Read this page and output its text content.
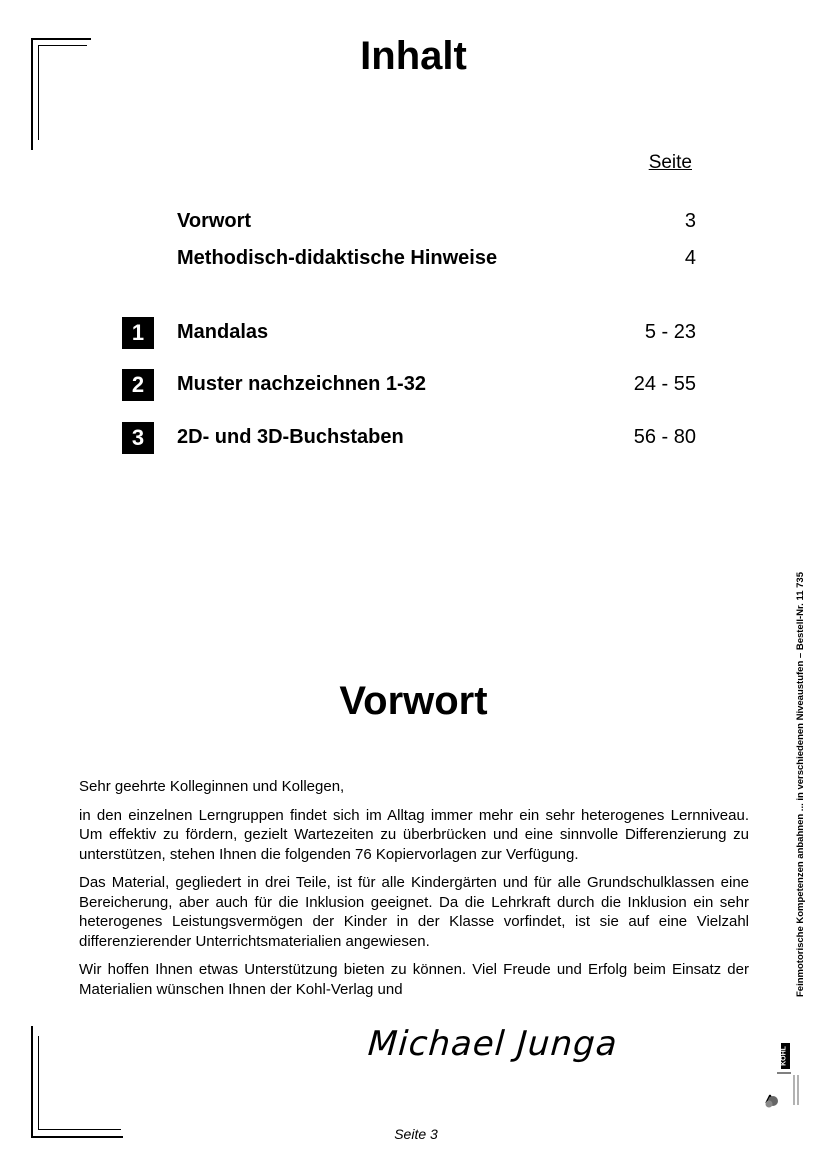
Inhalt
Seite
Vorwort	3
Methodisch-didaktische Hinweise	4
1	Mandalas	5 - 23
2	Muster nachzeichnen 1-32	24 - 55
3	2D- und 3D-Buchstaben	56 - 80
Vorwort

Sehr geehrte Kolleginnen und Kollegen,

in den einzelnen Lerngruppen findet sich im Alltag immer mehr ein sehr heterogenes Lernniveau. Um effektiv zu fördern, gezielt Wartezeiten zu überbrücken und eine sinnvolle Differenzierung zu unterstützen, stehen Ihnen die folgenden 76 Kopiervorlagen zur Verfügung.

Das Material, gegliedert in drei Teile, ist für alle Kindergärten und für alle Grundschulklassen eine Bereicherung, aber auch für die Inklusion geeignet. Da die Lehrkraft durch die Inklusion ein sehr heterogenes Leistungsvermögen der Kinder in der Klasse vorfindet, ist sie auf eine Vielzahl differenzierender Unterrichtsmaterialien angewiesen.

Wir hoffen Ihnen etwas Unterstützung bieten zu können. Viel Freude und Erfolg beim Einsatz der Materialien wünschen Ihnen der Kohl-Verlag und

Michael Junga
Seite 3
Feinmotorische Kompetenzen anbahnen ... in verschiedenen Niveaustufen – Bestell-Nr. 11 735
KOHL
